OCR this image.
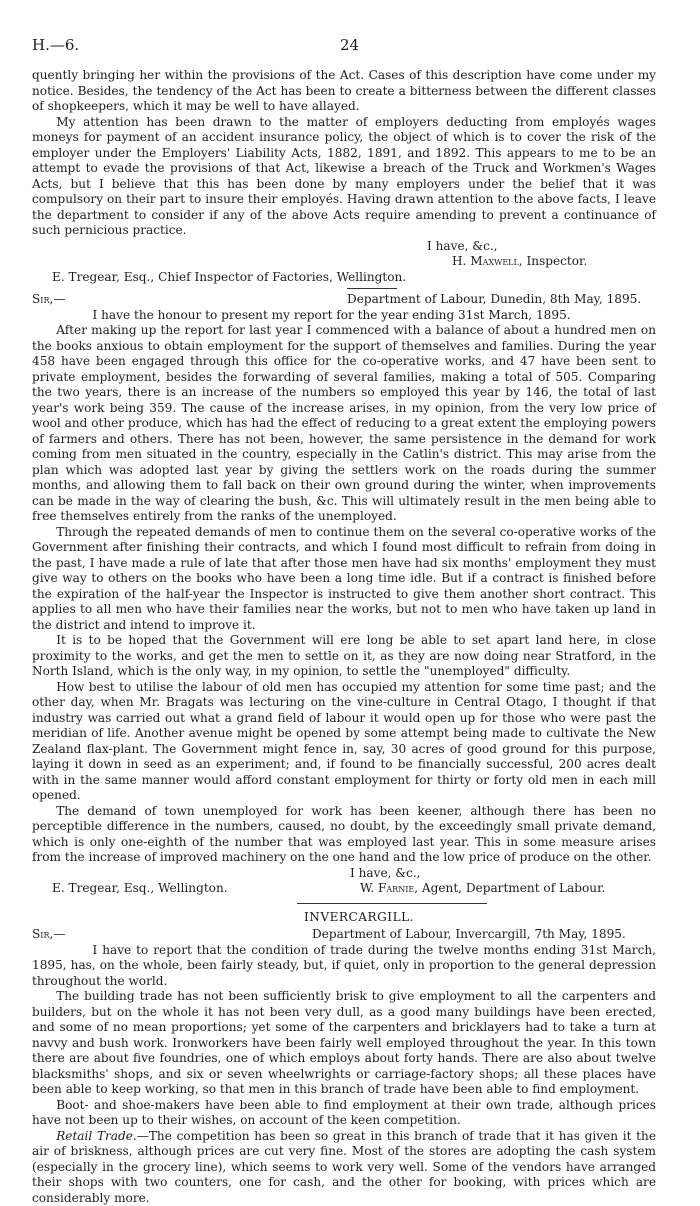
H.—6.	24

quently bringing her within the provisions of the Act. Cases of this description have come under my notice. Besides, the tendency of the Act has been to create a bitterness between the different classes of shopkeepers, which it may be well to have allayed.

My attention has been drawn to the matter of employers deducting from employés wages moneys for payment of an accident insurance policy, the object of which is to cover the risk of the employer under the Employers' Liability Acts, 1882, 1891, and 1892. This appears to me to be an attempt to evade the provisions of that Act, likewise a breach of the Truck and Workmen's Wages Acts, but I believe that this has been done by many employers under the belief that it was compulsory on their part to insure their employés. Having drawn attention to the above facts, I leave the department to consider if any of the above Acts require amending to prevent a continuance of such pernicious practice.

I have, &c.,
H. Maxwell, Inspector.

E. Tregear, Esq., Chief Inspector of Factories, Wellington.

Sir,—	Department of Labour, Dunedin, 8th May, 1895.

I have the honour to present my report for the year ending 31st March, 1895.

After making up the report for last year I commenced with a balance of about a hundred men on the books anxious to obtain employment for the support of themselves and families. During the year 458 have been engaged through this office for the co-operative works, and 47 have been sent to private employment, besides the forwarding of several families, making a total of 505. Comparing the two years, there is an increase of the numbers so employed this year by 146, the total of last year's work being 359. The cause of the increase arises, in my opinion, from the very low price of wool and other produce, which has had the effect of reducing to a great extent the employing powers of farmers and others. There has not been, however, the same persistence in the demand for work coming from men situated in the country, especially in the Catlin's district. This may arise from the plan which was adopted last year by giving the settlers work on the roads during the summer months, and allowing them to fall back on their own ground during the winter, when improvements can be made in the way of clearing the bush, &c. This will ultimately result in the men being able to free themselves entirely from the ranks of the unemployed.

Through the repeated demands of men to continue them on the several co-operative works of the Government after finishing their contracts, and which I found most difficult to refrain from doing in the past, I have made a rule of late that after those men have had six months' employment they must give way to others on the books who have been a long time idle. But if a contract is finished before the expiration of the half-year the Inspector is instructed to give them another short contract. This applies to all men who have their families near the works, but not to men who have taken up land in the district and intend to improve it.

It is to be hoped that the Government will ere long be able to set apart land here, in close proximity to the works, and get the men to settle on it, as they are now doing near Stratford, in the North Island, which is the only way, in my opinion, to settle the "unemployed" difficulty.

How best to utilise the labour of old men has occupied my attention for some time past; and the other day, when Mr. Bragats was lecturing on the vine-culture in Central Otago, I thought if that industry was carried out what a grand field of labour it would open up for those who were past the meridian of life. Another avenue might be opened by some attempt being made to cultivate the New Zealand flax-plant. The Government might fence in, say, 30 acres of good ground for this purpose, laying it down in seed as an experiment; and, if found to be financially successful, 200 acres dealt with in the same manner would afford constant employment for thirty or forty old men in each mill opened.

The demand of town unemployed for work has been keener, although there has been no perceptible difference in the numbers, caused, no doubt, by the exceedingly small private demand, which is only one-eighth of the number that was employed last year. This in some measure arises from the increase of improved machinery on the one hand and the low price of produce on the other.

I have, &c.,
E. Tregear, Esq., Wellington.	W. Farnie, Agent, Department of Labour.
INVERCARGILL.
Sir,—	Department of Labour, Invercargill, 7th May, 1895.

I have to report that the condition of trade during the twelve months ending 31st March, 1895, has, on the whole, been fairly steady, but, if quiet, only in proportion to the general depression throughout the world.

The building trade has not been sufficiently brisk to give employment to all the carpenters and builders, but on the whole it has not been very dull, as a good many buildings have been erected, and some of no mean proportions; yet some of the carpenters and bricklayers had to take a turn at navvy and bush work. Ironworkers have been fairly well employed throughout the year. In this town there are about five foundries, one of which employs about forty hands. There are also about twelve blacksmiths' shops, and six or seven wheelwrights or carriage-factory shops; all these places have been able to keep working, so that men in this branch of trade have been able to find employment.

Boot- and shoe-makers have been able to find employment at their own trade, although prices have not been up to their wishes, on account of the keen competition.

Retail Trade.—The competition has been so great in this branch of trade that it has given it the air of briskness, although prices are cut very fine. Most of the stores are adopting the cash system (especially in the grocery line), which seems to work very well. Some of the vendors have arranged their shops with two counters, one for cash, and the other for booking, with prices which are considerably more.
